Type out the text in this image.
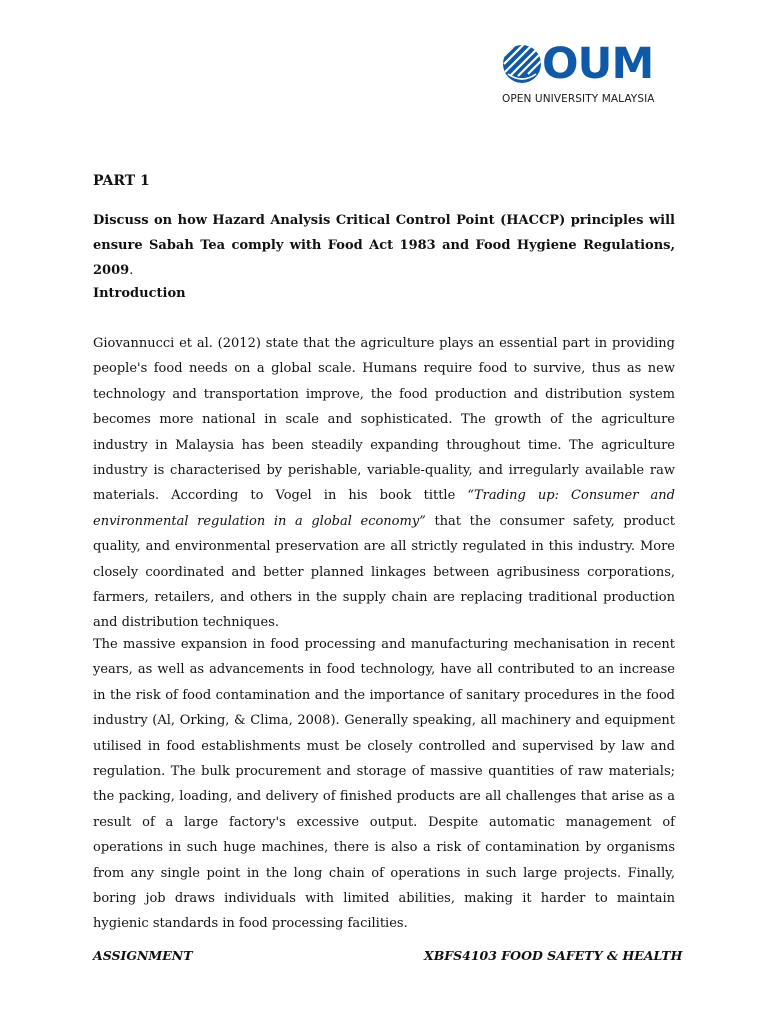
OUM
OPEN UNIVERSITY MALAYSIA
PART 1

Discuss on how Hazard Analysis Critical Control Point (HACCP) principles will ensure Sabah Tea comply with Food Act 1983 and Food Hygiene Regulations, 2009.

Introduction

Giovannucci et al. (2012) state that the agriculture plays an essential part in providing people's food needs on a global scale. Humans require food to survive, thus as new technology and transportation improve, the food production and distribution system becomes more national in scale and sophisticated. The growth of the agriculture industry in Malaysia has been steadily expanding throughout time. The agriculture industry is characterised by perishable, variable-quality, and irregularly available raw materials. According to Vogel in his book tittle “Trading up: Consumer and environmental regulation in a global economy” that the consumer safety, product quality, and environmental preservation are all strictly regulated in this industry. More closely coordinated and better planned linkages between agribusiness corporations, farmers, retailers, and others in the supply chain are replacing traditional production and distribution techniques.

The massive expansion in food processing and manufacturing mechanisation in recent years, as well as advancements in food technology, have all contributed to an increase in the risk of food contamination and the importance of sanitary procedures in the food industry (Al, Orking, & Clima, 2008). Generally speaking, all machinery and equipment utilised in food establishments must be closely controlled and supervised by law and regulation. The bulk procurement and storage of massive quantities of raw materials; the packing, loading, and delivery of finished products are all challenges that arise as a result of a large factory's excessive output. Despite automatic management of operations in such huge machines, there is also a risk of contamination by organisms from any single point in the long chain of operations in such large projects. Finally, boring job draws individuals with limited abilities, making it harder to maintain hygienic standards in food processing facilities.

ASSIGNMENT	XBFS4103 FOOD SAFETY & HEALTH
